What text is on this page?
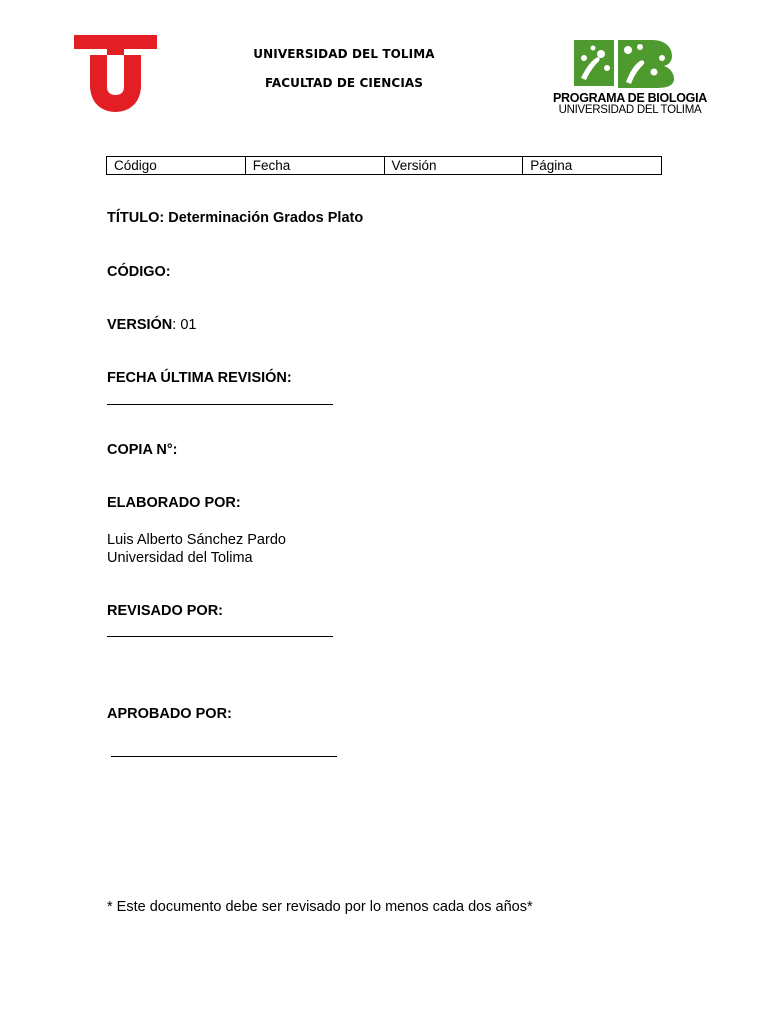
UNIVERSIDAD DEL TOLIMA
FACULTAD DE CIENCIAS
PROGRAMA DE BIOLOGIA
UNIVERSIDAD DEL TOLIMA
Código	Fecha	Versión	Página
TÍTULO: Determinación Grados Plato
CÓDIGO:
VERSIÓN: 01
FECHA ÚLTIMA REVISIÓN:
COPIA N°:
ELABORADO POR:
Luis Alberto Sánchez Pardo
Universidad del Tolima
REVISADO POR:
APROBADO POR:
* Este documento debe ser revisado por lo menos cada dos años*
